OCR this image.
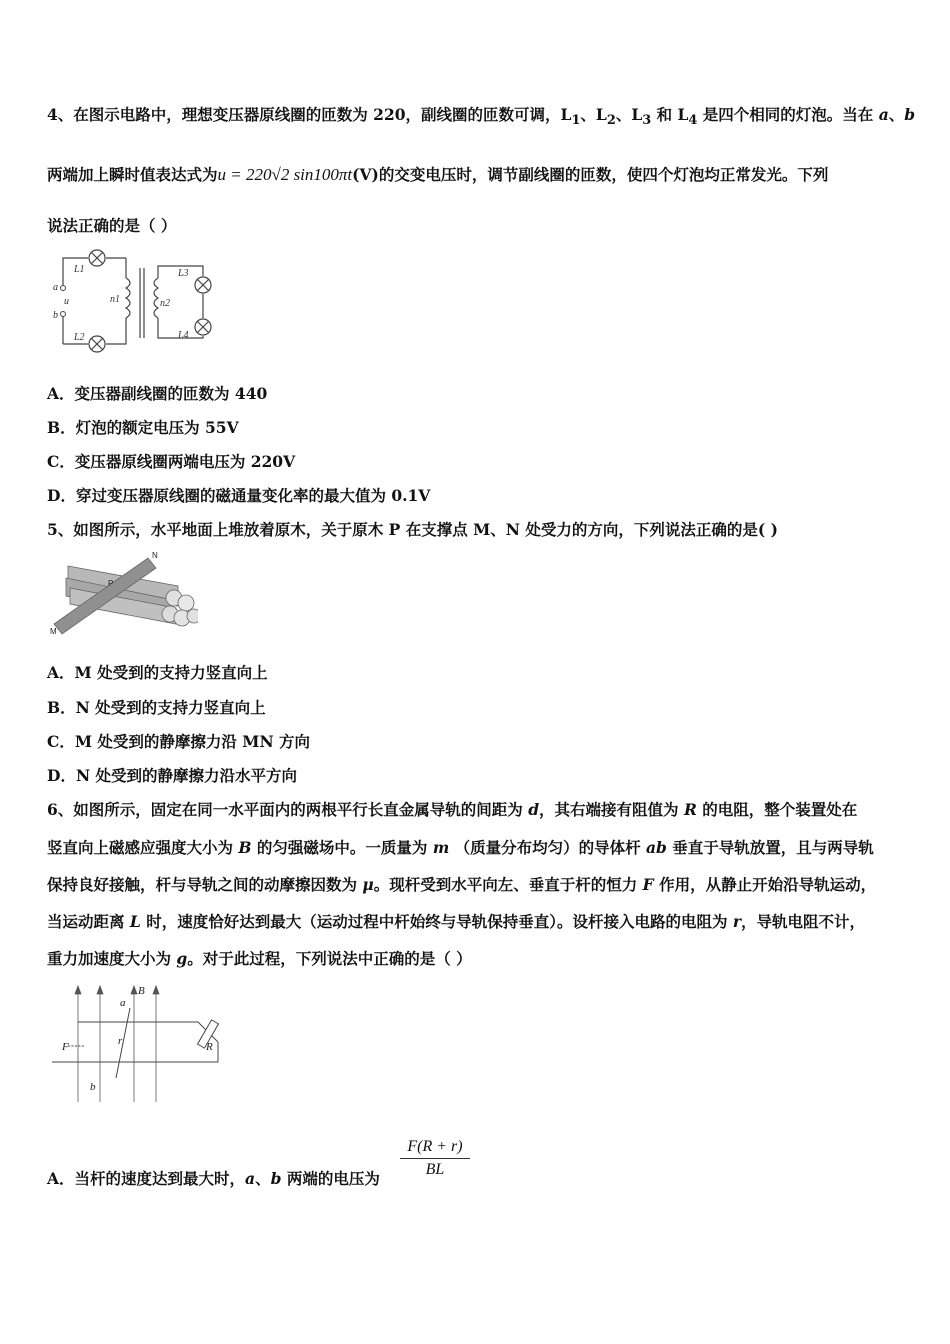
4、在图示电路中，理想变压器原线圈的匝数为 220，副线圈的匝数可调，$L_1$、$L_2$、$L_3$ 和 $L_4$ 是四个相同的灯泡。当在 a、b
两端加上瞬时值表达式为u = 220√2 sin100πt(V)的交变电压时，调节副线圈的匝数，使四个灯泡均正常发光。下列
说法正确的是（ ）
L1
L2
L3
L4
a
b
u	n1	n2
A．变压器副线圈的匝数为 440
B．灯泡的额定电压为 55V
C．变压器原线圈两端电压为 220V
D．穿过变压器原线圈的磁通量变化率的最大值为 0.1V
5、如图所示，水平地面上堆放着原木，关于原木 P 在支撑点 M、N 处受力的方向，下列说法正确的是( )
M
N
P
A．M 处受到的支持力竖直向上
B．N 处受到的支持力竖直向上
C．M 处受到的静摩擦力沿 MN 方向
D．N 处受到的静摩擦力沿水平方向
6、如图所示，固定在同一水平面内的两根平行长直金属导轨的间距为 d，其右端接有阻值为 R 的电阻，整个装置处在
竖直向上磁感应强度大小为 B 的匀强磁场中。一质量为 m （质量分布均匀）的导体杆 ab 垂直于导轨放置，且与两导轨
保持良好接触，杆与导轨之间的动摩擦因数为 μ。现杆受到水平向左、垂直于杆的恒力 F 作用，从静止开始沿导轨运动，
当运动距离 L 时，速度恰好达到最大（运动过程中杆始终与导轨保持垂直）。设杆接入电路的电阻为 r，导轨电阻不计，
重力加速度大小为 g。对于此过程，下列说法中正确的是（ ）
a
b
B
F	r	R
A．当杆的速度达到最大时，a、b 两端的电压为 $\frac{F(R + r)}{BL}$
